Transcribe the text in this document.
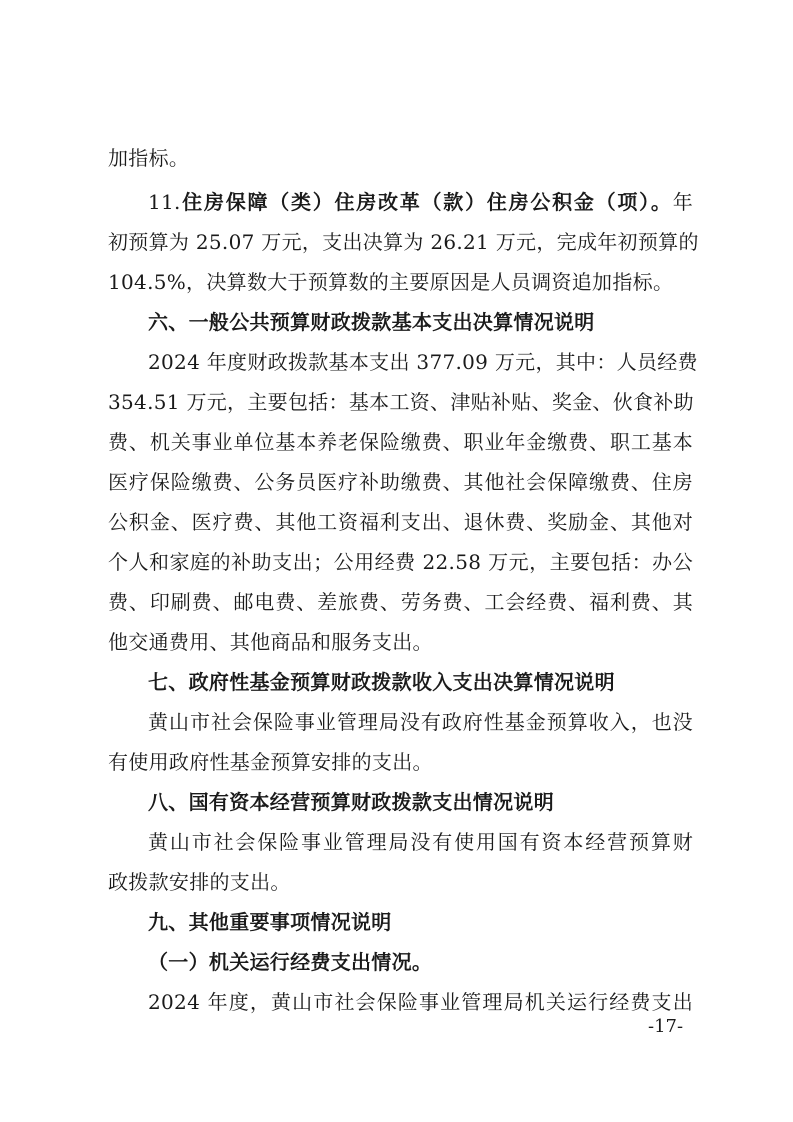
加指标。
11.住房保障（类）住房改革（款）住房公积金（项）。年
初预算为 25.07 万元，支出决算为 26.21 万元，完成年初预算的
104.5%，决算数大于预算数的主要原因是人员调资追加指标。
六、一般公共预算财政拨款基本支出决算情况说明
2024 年度财政拨款基本支出 377.09 万元，其中：人员经费
354.51 万元，主要包括：基本工资、津贴补贴、奖金、伙食补助
费、机关事业单位基本养老保险缴费、职业年金缴费、职工基本
医疗保险缴费、公务员医疗补助缴费、其他社会保障缴费、住房
公积金、医疗费、其他工资福利支出、退休费、奖励金、其他对
个人和家庭的补助支出；公用经费 22.58 万元，主要包括：办公
费、印刷费、邮电费、差旅费、劳务费、工会经费、福利费、其
他交通费用、其他商品和服务支出。
七、政府性基金预算财政拨款收入支出决算情况说明
黄山市社会保险事业管理局没有政府性基金预算收入，也没
有使用政府性基金预算安排的支出。
八、国有资本经营预算财政拨款支出情况说明
黄山市社会保险事业管理局没有使用国有资本经营预算财
政拨款安排的支出。
九、其他重要事项情况说明
（一）机关运行经费支出情况。
2024 年度，黄山市社会保险事业管理局机关运行经费支出
-17-
